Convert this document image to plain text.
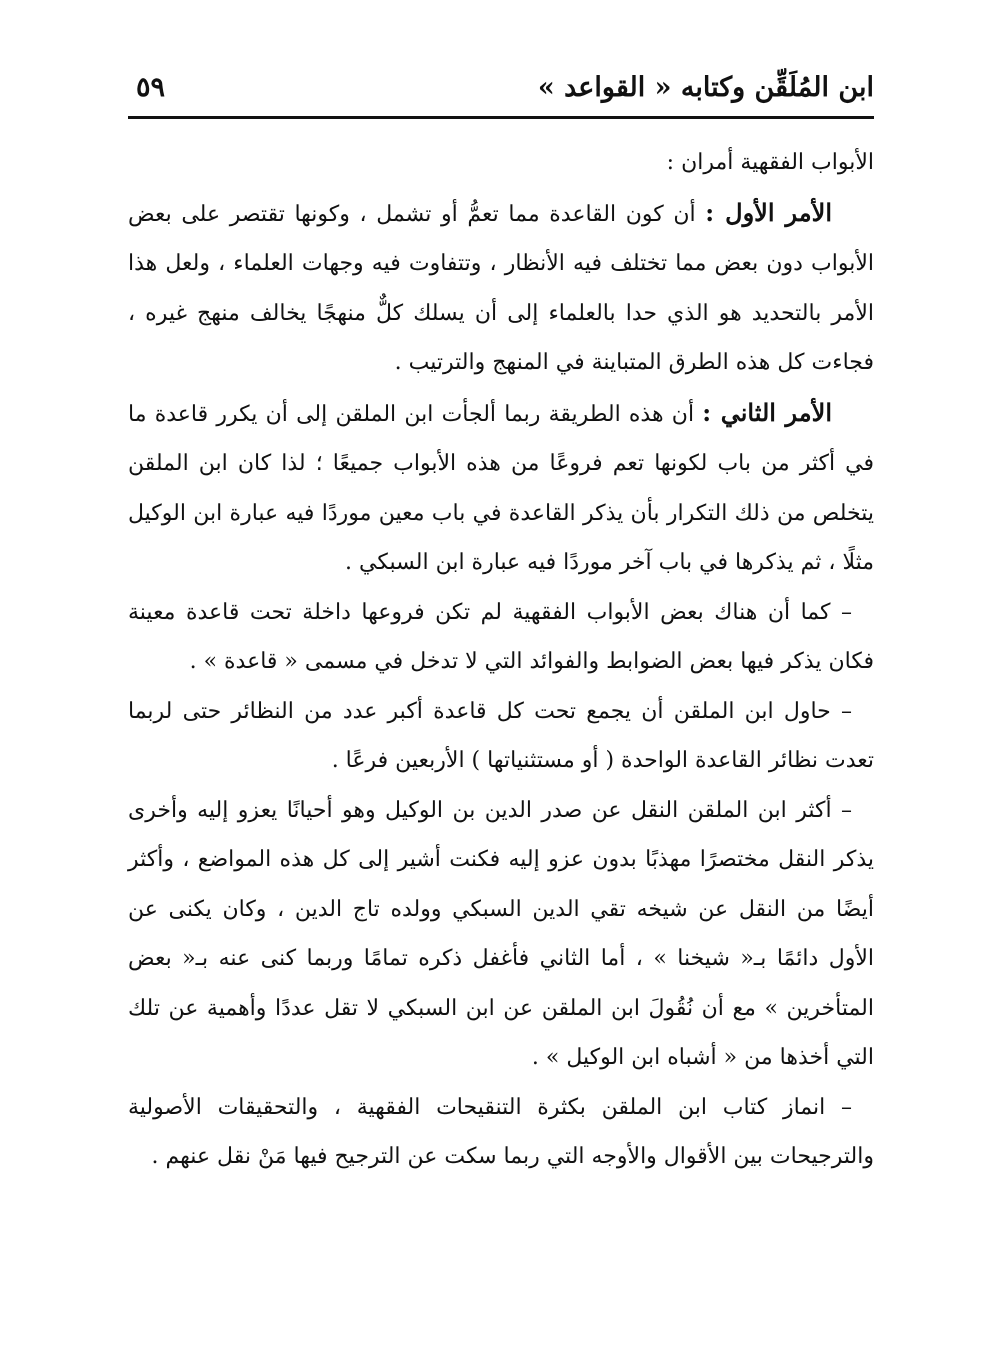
ابن المُلَقِّن وكتابه « القواعد »
٥٩

الأبواب الفقهية أمران :

الأمر الأول : أن كون القاعدة مما تعمُّ أو تشمل ، وكونها تقتصر على بعض الأبواب دون بعض مما تختلف فيه الأنظار ، وتتفاوت فيه وجهات العلماء ، ولعل هذا الأمر بالتحديد هو الذي حدا بالعلماء إلى أن يسلك كلٌّ منهجًا يخالف منهج غيره ، فجاءت كل هذه الطرق المتباينة في المنهج والترتيب .

الأمر الثاني : أن هذه الطريقة ربما ألجأت ابن الملقن إلى أن يكرر قاعدة ما في أكثر من باب لكونها تعم فروعًا من هذه الأبواب جميعًا ؛ لذا كان ابن الملقن يتخلص من ذلك التكرار بأن يذكر القاعدة في باب معين موردًا فيه عبارة ابن الوكيل مثلًا ، ثم يذكرها في باب آخر موردًا فيه عبارة ابن السبكي .

– كما أن هناك بعض الأبواب الفقهية لم تكن فروعها داخلة تحت قاعدة معينة فكان يذكر فيها بعض الضوابط والفوائد التي لا تدخل في مسمى « قاعدة » .

– حاول ابن الملقن أن يجمع تحت كل قاعدة أكبر عدد من النظائر حتى لربما تعدت نظائر القاعدة الواحدة ( أو مستثنياتها ) الأربعين فرعًا .

– أكثر ابن الملقن النقل عن صدر الدين بن الوكيل وهو أحيانًا يعزو إليه وأخرى يذكر النقل مختصرًا مهذبًا بدون عزو إليه فكنت أشير إلى كل هذه المواضع ، وأكثر أيضًا من النقل عن شيخه تقي الدين السبكي وولده تاج الدين ، وكان يكنى عن الأول دائمًا بـ« شيخنا » ، أما الثاني فأغفل ذكره تمامًا وربما كنى عنه بـ« بعض المتأخرين » مع أن نُقُولَ ابن الملقن عن ابن السبكي لا تقل عددًا وأهمية عن تلك التي أخذها من « أشباه ابن الوكيل » .

– انماز كتاب ابن الملقن بكثرة التنقيحات الفقهية ، والتحقيقات الأصولية والترجيحات بين الأقوال والأوجه التي ربما سكت عن الترجيح فيها مَنْ نقل عنهم .
